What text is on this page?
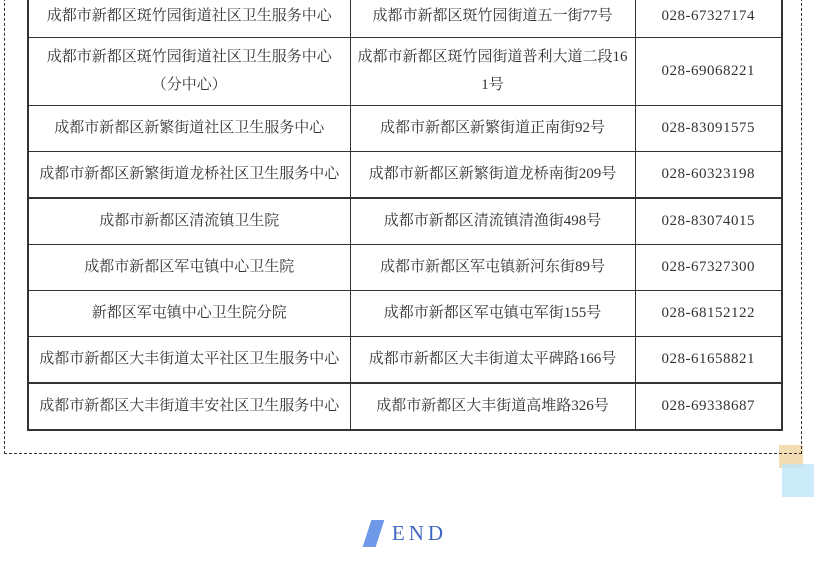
成都市新都区斑竹园街道社区卫生服务中心	成都市新都区斑竹园街道五一街77号	028-67327174
成都市新都区斑竹园街道社区卫生服务中心（分中心）	成都市新都区斑竹园街道普利大道二段161号	028-69068221
成都市新都区新繁街道社区卫生服务中心	成都市新都区新繁街道正南街92号	028-83091575
成都市新都区新繁街道龙桥社区卫生服务中心	成都市新都区新繁街道龙桥南街209号	028-60323198
成都市新都区清流镇卫生院	成都市新都区清流镇清渔街498号	028-83074015
成都市新都区军屯镇中心卫生院	成都市新都区军屯镇新河东街89号	028-67327300
新都区军屯镇中心卫生院分院	成都市新都区军屯镇屯军街155号	028-68152122
成都市新都区大丰街道太平社区卫生服务中心	成都市新都区大丰街道太平碑路166号	028-61658821
成都市新都区大丰街道丰安社区卫生服务中心	成都市新都区大丰街道高堆路326号	028-69338687
END
